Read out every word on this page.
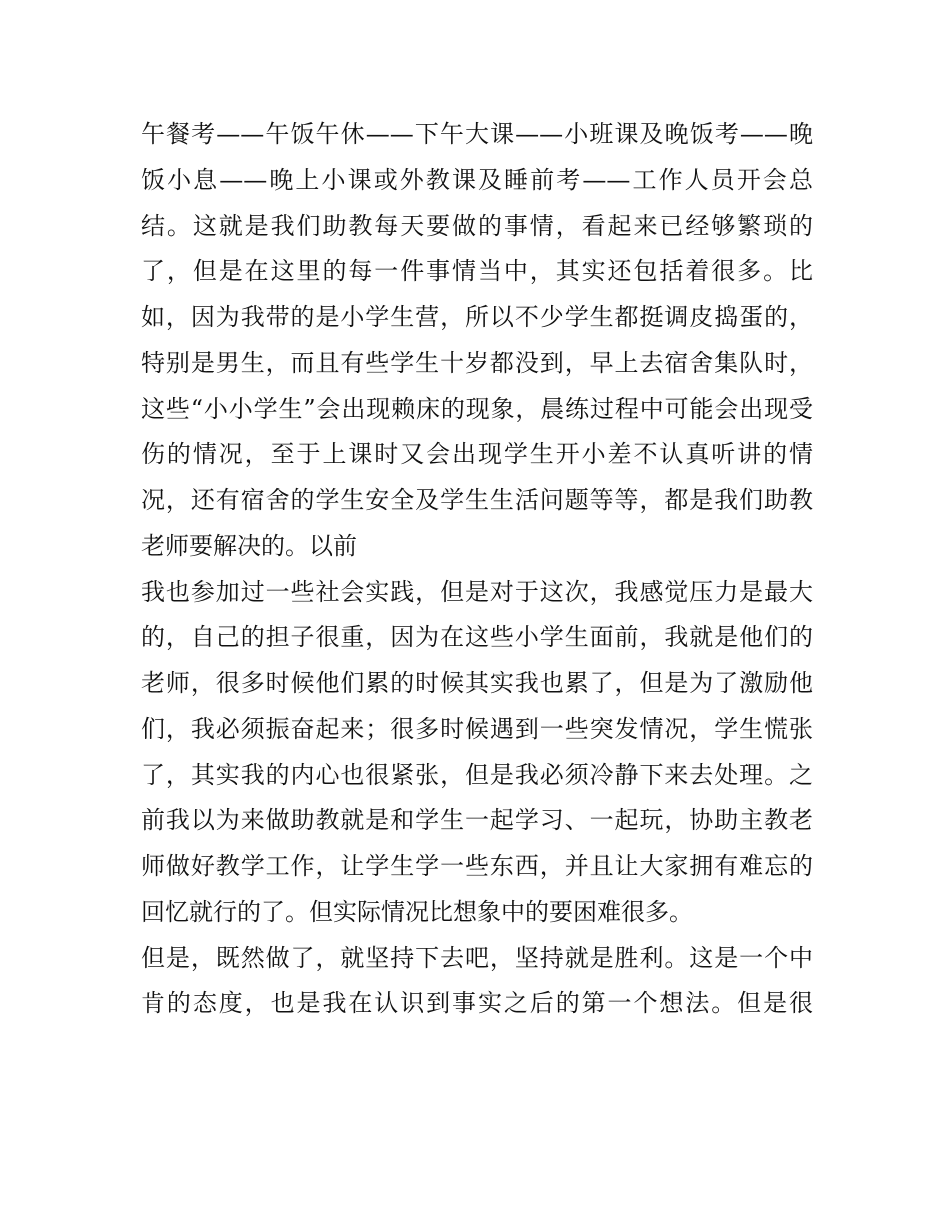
午餐考——午饭午休——下午大课——小班课及晚饭考——晚
饭小息——晚上小课或外教课及睡前考——工作人员开会总
结。这就是我们助教每天要做的事情，看起来已经够繁琐的
了，但是在这里的每一件事情当中，其实还包括着很多。比
如，因为我带的是小学生营，所以不少学生都挺调皮捣蛋的，
特别是男生，而且有些学生十岁都没到，早上去宿舍集队时，
这些“小小学生”会出现赖床的现象，晨练过程中可能会出现受
伤的情况，至于上课时又会出现学生开小差不认真听讲的情
况，还有宿舍的学生安全及学生生活问题等等，都是我们助教
老师要解决的。以前
我也参加过一些社会实践，但是对于这次，我感觉压力是最大
的，自己的担子很重，因为在这些小学生面前，我就是他们的
老师，很多时候他们累的时候其实我也累了，但是为了激励他
们，我必须振奋起来；很多时候遇到一些突发情况，学生慌张
了，其实我的内心也很紧张，但是我必须冷静下来去处理。之
前我以为来做助教就是和学生一起学习、一起玩，协助主教老
师做好教学工作，让学生学一些东西，并且让大家拥有难忘的
回忆就行的了。但实际情况比想象中的要困难很多。
但是，既然做了，就坚持下去吧，坚持就是胜利。这是一个中
肯的态度，也是我在认识到事实之后的第一个想法。但是很
